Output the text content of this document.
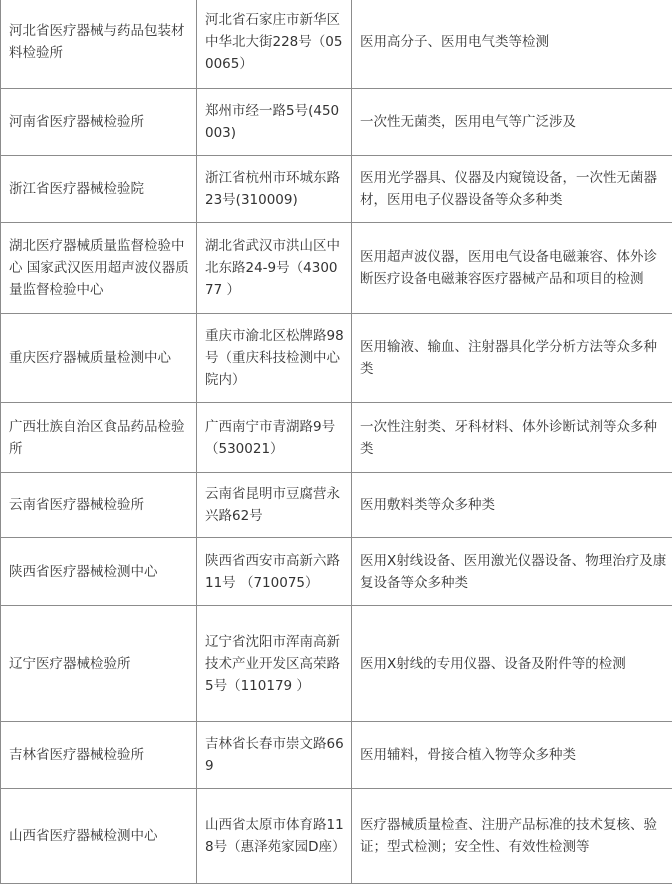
河北省医疗器械与药品包装材料检验所	河北省石家庄市新华区中华北大街228号（050065）	医用高分子、医用电气类等检测
河南省医疗器械检验所	郑州市经一路5号(450003)	一次性无菌类，医用电气等广泛涉及
浙江省医疗器械检验院	浙江省杭州市环城东路23号(310009)	医用光学器具、仪器及内窥镜设备，一次性无菌器材，医用电子仪器设备等众多种类
湖北医疗器械质量监督检验中心 国家武汉医用超声波仪器质量监督检验中心	湖北省武汉市洪山区中北东路24-9号（430077 ）	医用超声波仪器，医用电气设备电磁兼容、体外诊断医疗设备电磁兼容医疗器械产品和项目的检测
重庆医疗器械质量检测中心	重庆市渝北区松牌路98号（重庆科技检测中心院内）	医用输液、输血、注射器具化学分析方法等众多种类
广西壮族自治区食品药品检验所	广西南宁市青湖路9号（530021）	一次性注射类、牙科材料、体外诊断试剂等众多种类
云南省医疗器械检验所	云南省昆明市豆腐营永兴路62号	医用敷料类等众多种类
陕西省医疗器械检测中心	陕西省西安市高新六路11号 （710075）	医用X射线设备、医用激光仪器设备、物理治疗及康复设备等众多种类
辽宁医疗器械检验所	辽宁省沈阳市浑南高新技术产业开发区高荣路5号（110179 ）	医用X射线的专用仪器、设备及附件等的检测
吉林省医疗器械检验所	吉林省长春市崇文路669	医用辅料，骨接合植入物等众多种类
山西省医疗器械检测中心	山西省太原市体育路118号（惠泽苑家园D座）	医疗器械质量检查、注册产品标准的技术复核、验证；型式检测；安全性、有效性检测等
